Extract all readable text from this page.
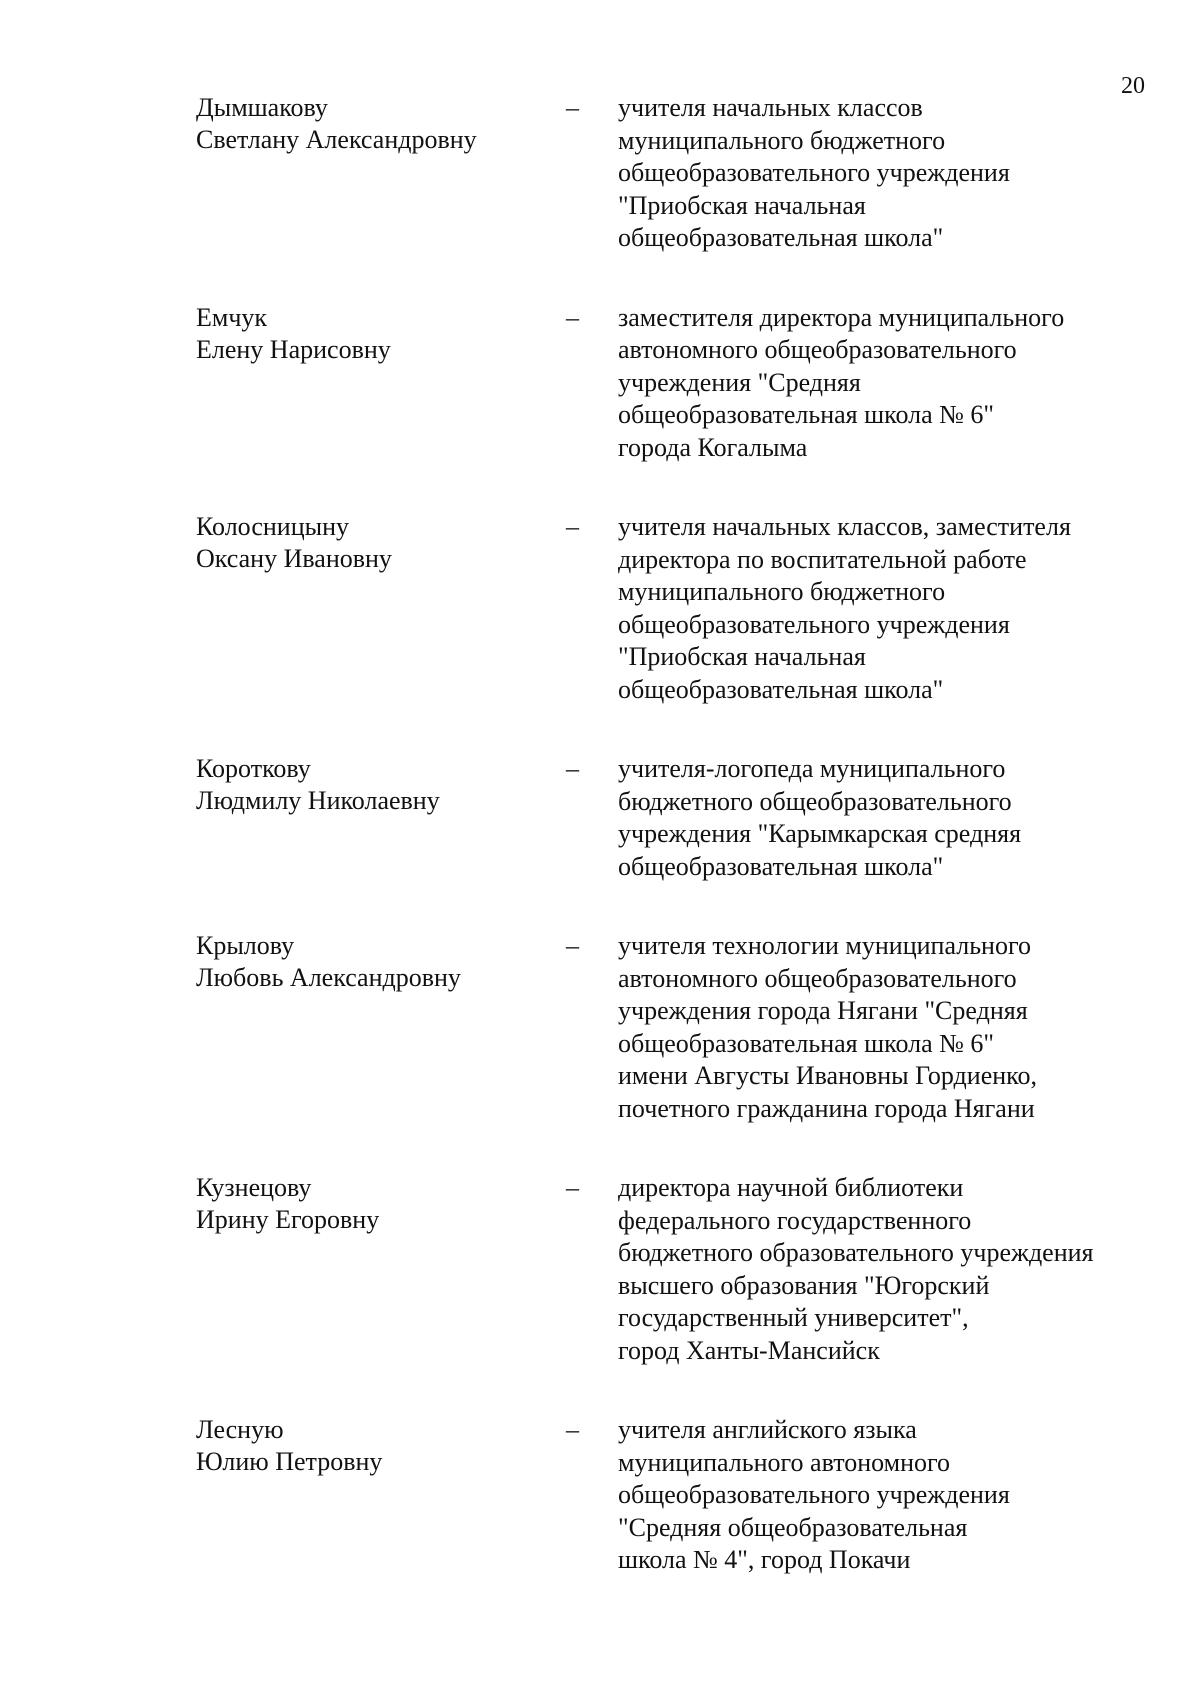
20
Дымшакову
Светлану Александровну
–	учителя начальных классов
муниципального бюджетного
общеобразовательного учреждения
"Приобская начальная
общеобразовательная школа"
Емчук
Елену Нарисовну
–	заместителя директора муниципального
автономного общеобразовательного
учреждения "Средняя
общеобразовательная школа № 6"
города Когалыма
Колосницыну
Оксану Ивановну
–	учителя начальных классов, заместителя
директора по воспитательной работе
муниципального бюджетного
общеобразовательного учреждения
"Приобская начальная
общеобразовательная школа"
Короткову
Людмилу Николаевну
–	учителя-логопеда муниципального
бюджетного общеобразовательного
учреждения "Карымкарская средняя
общеобразовательная школа"
Крылову
Любовь Александровну
–	учителя технологии муниципального
автономного общеобразовательного
учреждения города Нягани "Средняя
общеобразовательная школа № 6"
имени Августы Ивановны Гордиенко,
почетного гражданина города Нягани
Кузнецову
Ирину Егоровну
–	директора научной библиотеки
федерального государственного
бюджетного образовательного учреждения
высшего образования "Югорский
государственный университет",
город Ханты-Мансийск
Лесную
Юлию Петровну
–	учителя английского языка
муниципального автономного
общеобразовательного учреждения
"Средняя общеобразовательная
школа № 4", город Покачи
